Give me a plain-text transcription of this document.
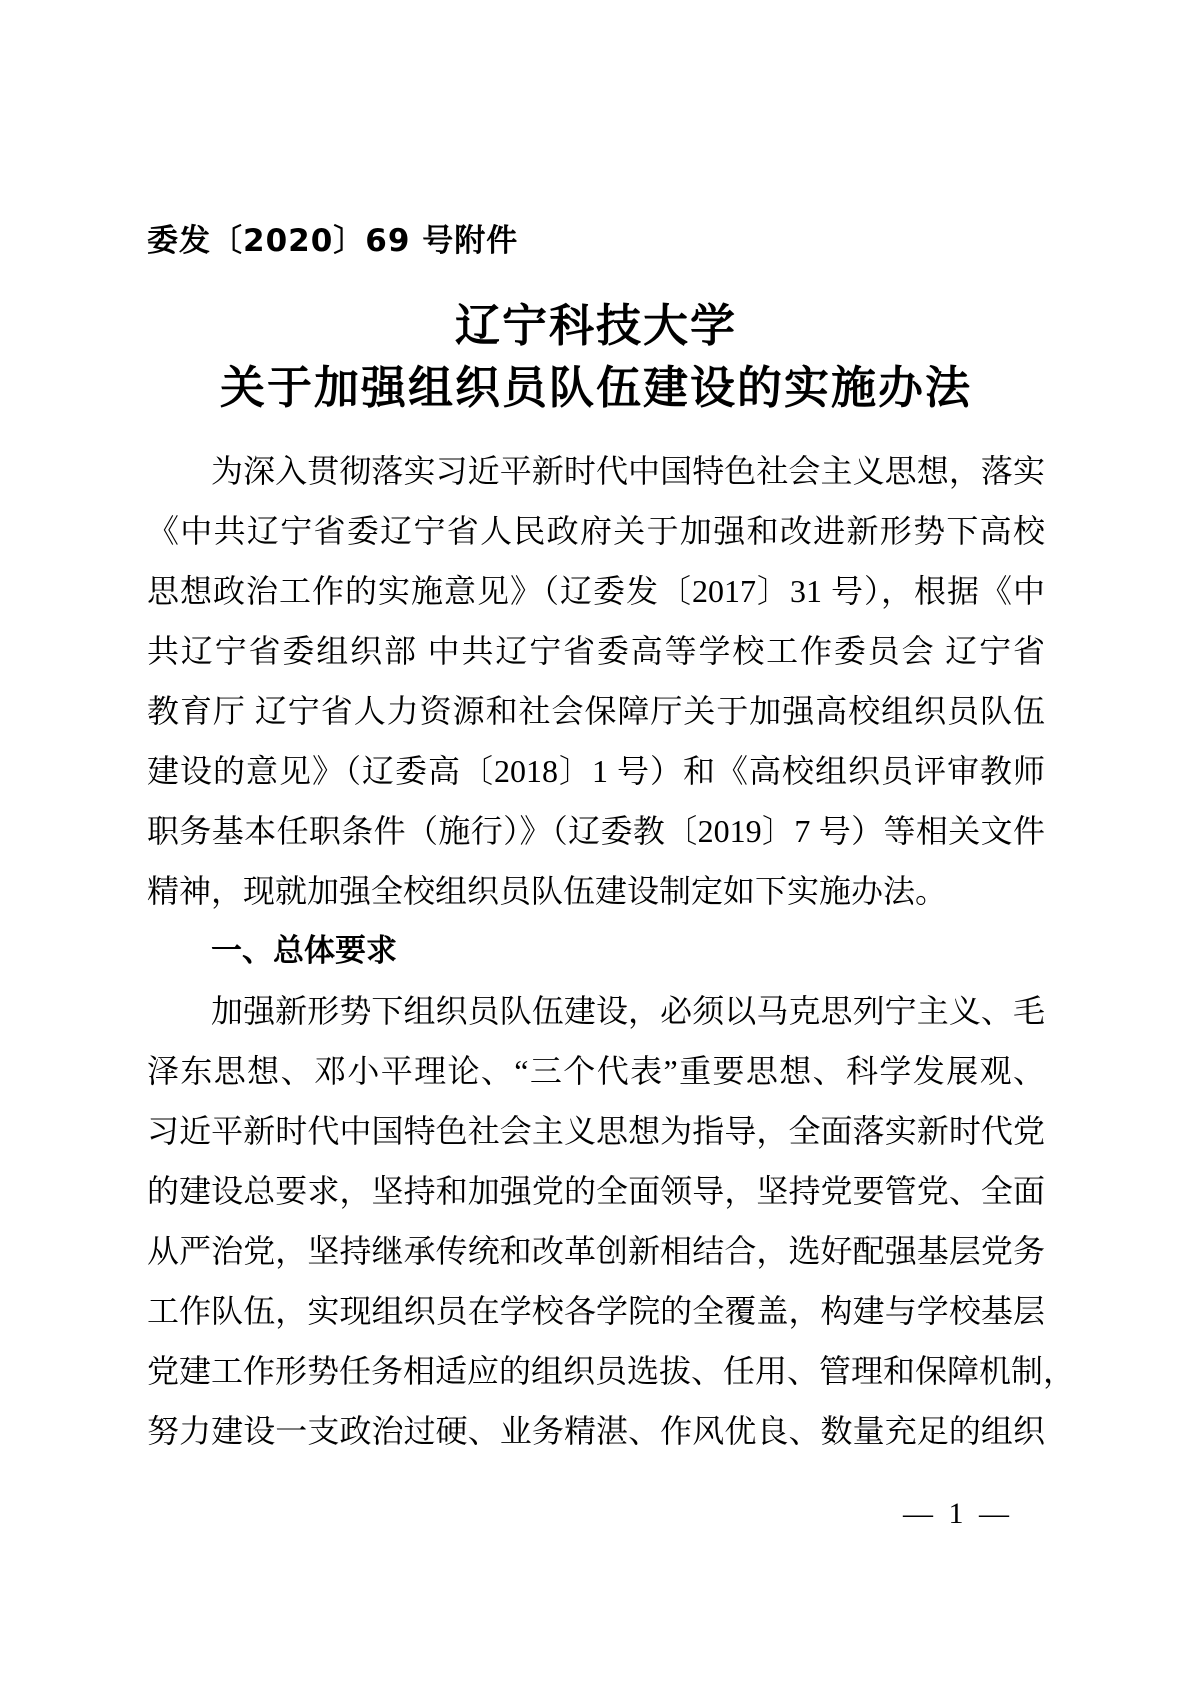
委发〔2020〕69 号附件
辽宁科技大学
关于加强组织员队伍建设的实施办法
为深入贯彻落实习近平新时代中国特色社会主义思想，落实
《中共辽宁省委辽宁省人民政府关于加强和改进新形势下高校
思想政治工作的实施意见》（辽委发〔2017〕31 号），根据《中
共辽宁省委组织部 中共辽宁省委高等学校工作委员会 辽宁省
教育厅 辽宁省人力资源和社会保障厅关于加强高校组织员队伍
建设的意见》（辽委高〔2018〕1 号）和《高校组织员评审教师
职务基本任职条件（施行）》（辽委教〔2019〕7 号）等相关文件
精神，现就加强全校组织员队伍建设制定如下实施办法。
一、总体要求
加强新形势下组织员队伍建设，必须以马克思列宁主义、毛
泽东思想、邓小平理论、“三个代表”重要思想、科学发展观、
习近平新时代中国特色社会主义思想为指导，全面落实新时代党
的建设总要求，坚持和加强党的全面领导，坚持党要管党、全面
从严治党，坚持继承传统和改革创新相结合，选好配强基层党务
工作队伍，实现组织员在学校各学院的全覆盖，构建与学校基层
党建工作形势任务相适应的组织员选拔、任用、管理和保障机制，
努力建设一支政治过硬、业务精湛、作风优良、数量充足的组织
— 1 —
